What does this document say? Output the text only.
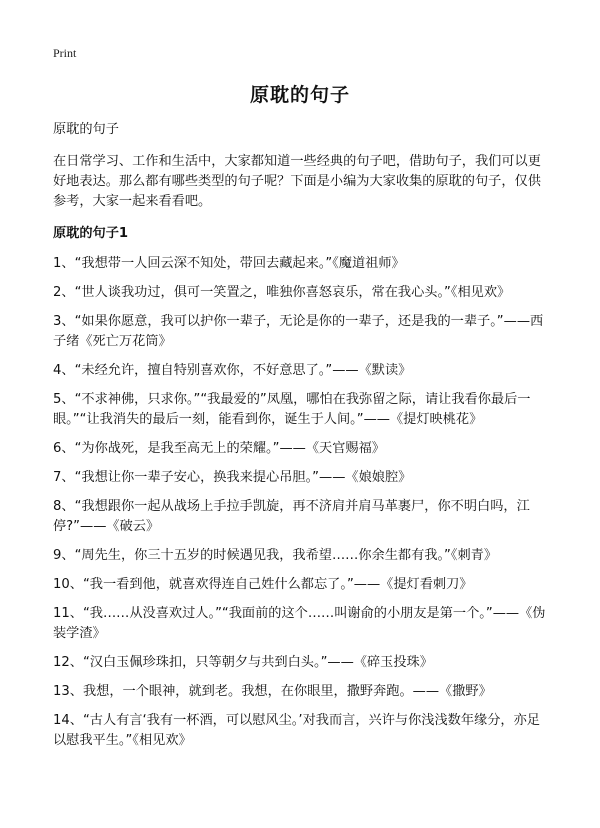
Print
原耽的句子

原耽的句子

在日常学习、工作和生活中，大家都知道一些经典的句子吧，借助句子，我们可以更好地表达。那么都有哪些类型的句子呢？下面是小编为大家收集的原耽的句子，仅供参考，大家一起来看看吧。

原耽的句子1

1、“我想带一人回云深不知处，带回去藏起来。”《魔道祖师》

2、“世人谈我功过，俱可一笑置之，唯独你喜怒哀乐，常在我心头。”《相见欢》

3、“如果你愿意，我可以护你一辈子，无论是你的一辈子，还是我的一辈子。”——西子绪《死亡万花筒》

4、“未经允许，擅自特别喜欢你，不好意思了。”——《默读》

5、“不求神佛，只求你。”“我最爱的”凤凰，哪怕在我弥留之际，请让我看你最后一眼。”“让我消失的最后一刻，能看到你，诞生于人间。”——《提灯映桃花》

6、“为你战死，是我至高无上的荣耀。”——《天官赐福》

7、“我想让你一辈子安心，换我来提心吊胆。”——《娘娘腔》

8、“我想跟你一起从战场上手拉手凯旋，再不济肩并肩马革裹尸，你不明白吗，江停?”——《破云》

9、“周先生，你三十五岁的时候遇见我，我希望……你余生都有我。”《刺青》

10、“我一看到他，就喜欢得连自己姓什么都忘了。”——《提灯看刺刀》

11、“我……从没喜欢过人。”“我面前的这个……叫谢俞的小朋友是第一个。”——《伪装学渣》

12、“汉白玉佩珍珠扣，只等朝夕与共到白头。”——《碎玉投珠》

13、我想，一个眼神，就到老。我想，在你眼里，撒野奔跑。——《撒野》

14、“古人有言‘我有一杯酒，可以慰风尘。’对我而言，兴许与你浅浅数年缘分，亦足以慰我平生。”《相见欢》
